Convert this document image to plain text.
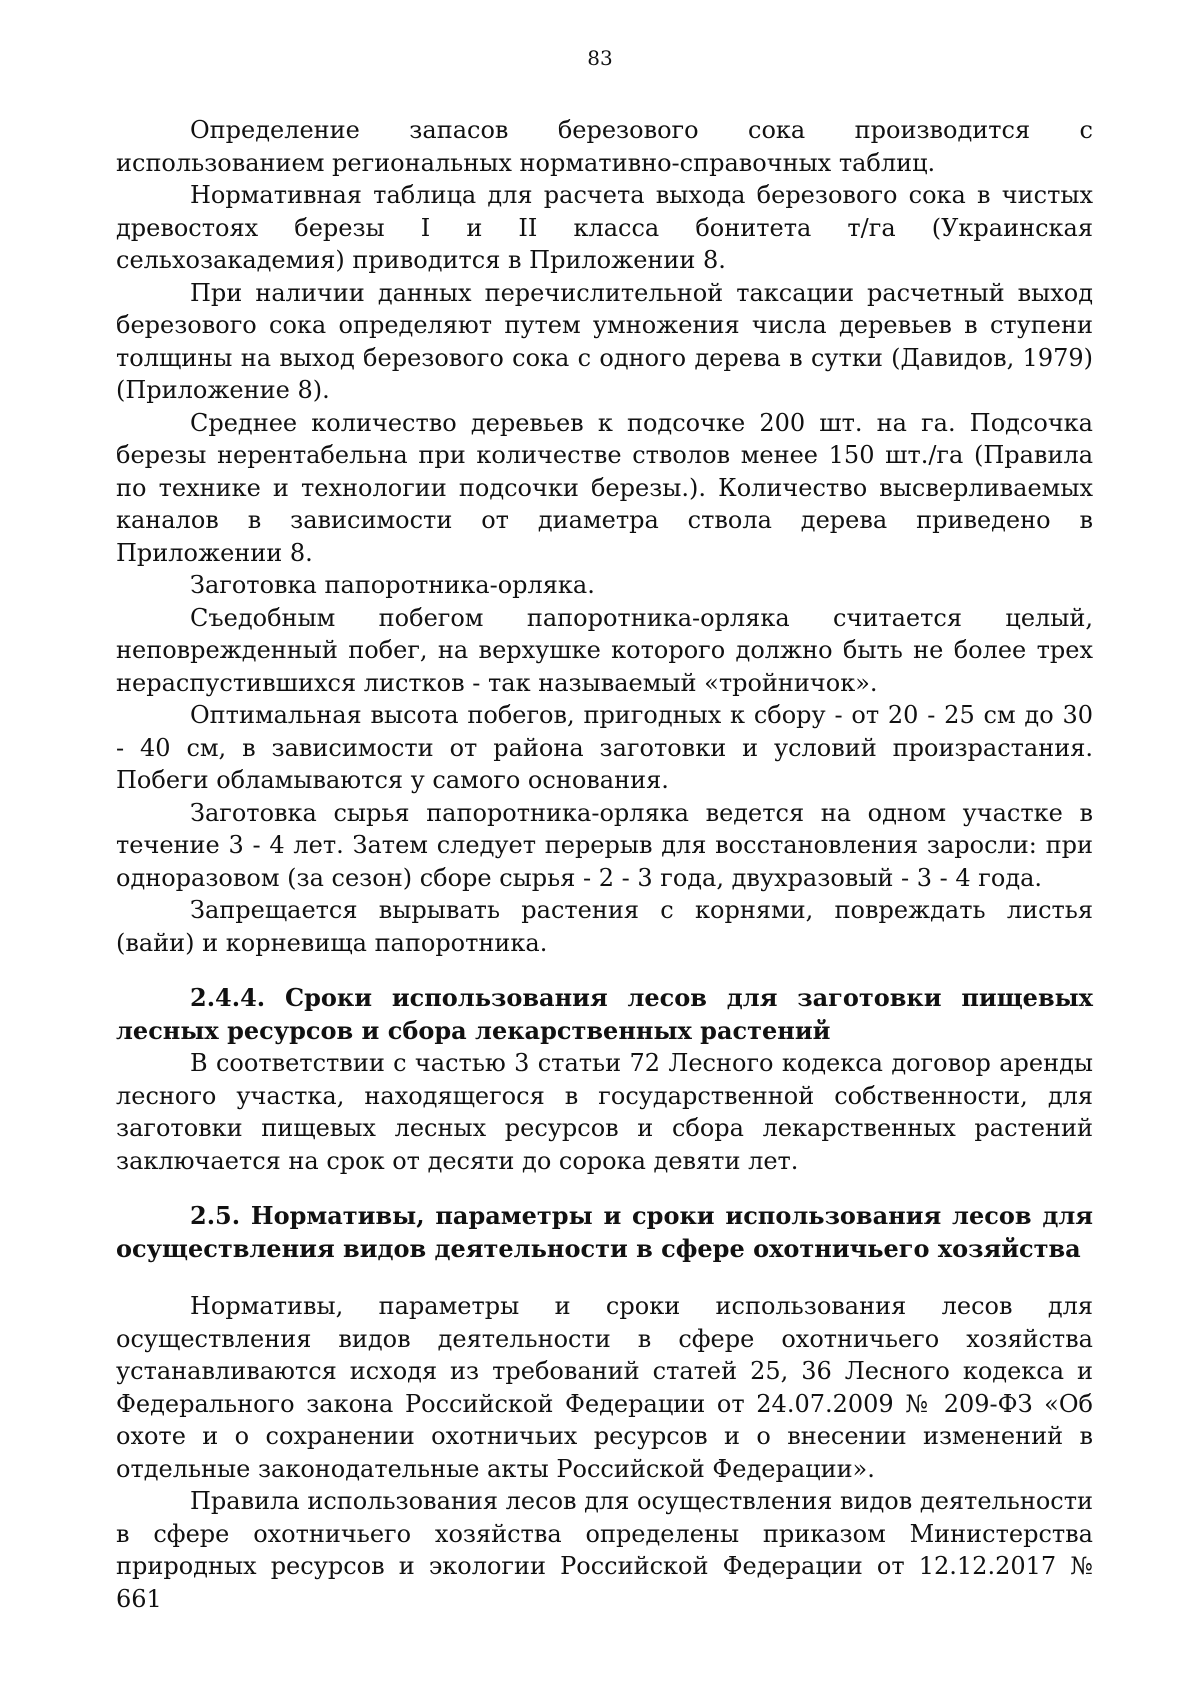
83

Определение запасов березового сока производится с использованием региональных нормативно-справочных таблиц.

Нормативная таблица для расчета выхода березового сока в чистых древостоях березы I и II класса бонитета т/га (Украинская сельхозакадемия) приводится в Приложении 8.

При наличии данных перечислительной таксации расчетный выход березового сока определяют путем умножения числа деревьев в ступени толщины на выход березового сока с одного дерева в сутки (Давидов, 1979) (Приложение 8).

Среднее количество деревьев к подсочке 200 шт. на га. Подсочка березы нерентабельна при количестве стволов менее 150 шт./га (Правила по технике и технологии подсочки березы.). Количество высверливаемых каналов в зависимости от диаметра ствола дерева приведено в Приложении 8.

Заготовка папоротника-орляка.

Съедобным побегом папоротника-орляка считается целый, неповрежденный побег, на верхушке которого должно быть не более трех нераспустившихся листков - так называемый «тройничок».

Оптимальная высота побегов, пригодных к сбору - от 20 - 25 см до 30 - 40 см, в зависимости от района заготовки и условий произрастания. Побеги обламываются у самого основания.

Заготовка сырья папоротника-орляка ведется на одном участке в течение 3 - 4 лет. Затем следует перерыв для восстановления заросли: при одноразовом (за сезон) сборе сырья - 2 - 3 года, двухразовый - 3 - 4 года.

Запрещается вырывать растения с корнями, повреждать листья (вайи) и корневища папоротника.

2.4.4. Сроки использования лесов для заготовки пищевых лесных ресурсов и сбора лекарственных растений

В соответствии с частью 3 статьи 72 Лесного кодекса договор аренды лесного участка, находящегося в государственной собственности, для заготовки пищевых лесных ресурсов и сбора лекарственных растений заключается на срок от десяти до сорока девяти лет.

2.5. Нормативы, параметры и сроки использования лесов для осуществления видов деятельности в сфере охотничьего хозяйства

Нормативы, параметры и сроки использования лесов для осуществления видов деятельности в сфере охотничьего хозяйства устанавливаются исходя из требований статей 25, 36 Лесного кодекса и Федерального закона Российской Федерации от 24.07.2009 № 209-ФЗ «Об охоте и о сохранении охотничьих ресурсов и о внесении изменений в отдельные законодательные акты Российской Федерации».

Правила использования лесов для осуществления видов деятельности в сфере охотничьего хозяйства определены приказом Министерства природных ресурсов и экологии Российской Федерации от 12.12.2017 № 661
